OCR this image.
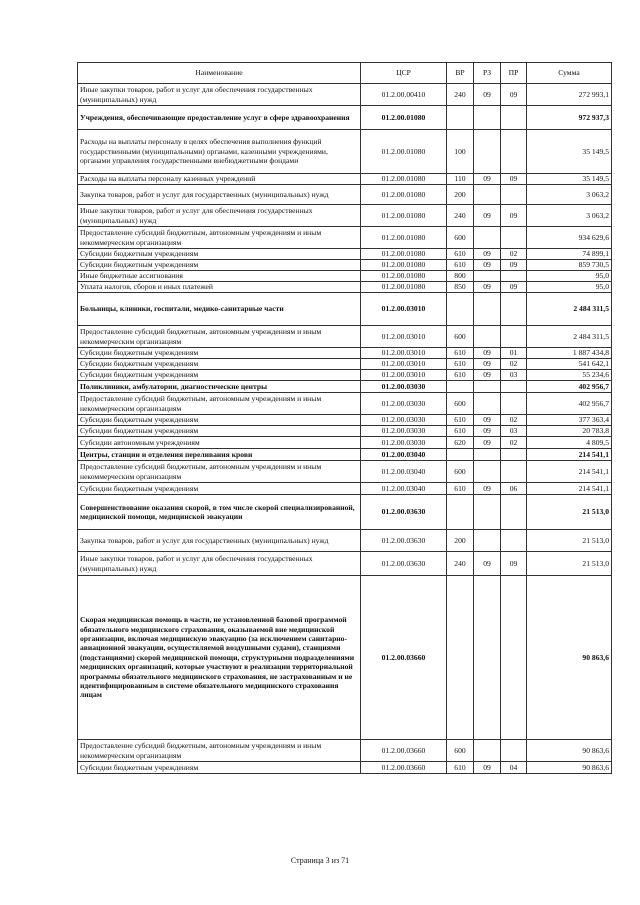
Наименование	ЦСР	ВР	РЗ	ПР	Сумма
Иные закупки товаров, работ и услуг для обеспечения государственных (муниципальных) нужд	01.2.00.00410	240	09	09	272 993,1
Учреждения, обеспечивающие предоставление услуг в сфере здравоохранения	01.2.00.01080				972 937,3
Расходы на выплаты персоналу в целях обеспечения выполнения функций государственными (муниципальными) органами, казенными учреждениями, органами управления государственными внебюджетными фондами	01.2.00.01080	100			35 149,5
Расходы на выплаты персоналу казенных учреждений	01.2.00.01080	110	09	09	35 149,5
Закупка товаров, работ и услуг для государственных (муниципальных) нужд	01.2.00.01080	200			3 063,2
Иные закупки товаров, работ и услуг для обеспечения государственных (муниципальных) нужд	01.2.00.01080	240	09	09	3 063,2
Предоставление субсидий бюджетным, автономным учреждениям и иным некоммерческим организациям	01.2.00.01080	600			934 629,6
Субсидии бюджетным учреждениям	01.2.00.01080	610	09	02	74 899,1
Субсидии бюджетным учреждениям	01.2.00.01080	610	09	09	859 730,5
Иные бюджетные ассигнования	01.2.00.01080	800			95,0
Уплата налогов, сборов и иных платежей	01.2.00.01080	850	09	09	95,0
Больницы, клиники, госпитали, медико-санитарные части	01.2.00.03010				2 484 311,5
Предоставление субсидий бюджетным, автономным учреждениям и иным некоммерческим организациям	01.2.00.03010	600			2 484 311,5
Субсидии бюджетным учреждениям	01.2.00.03010	610	09	01	1 887 434,8
Субсидии бюджетным учреждениям	01.2.00.03010	610	09	02	541 642,1
Субсидии бюджетным учреждениям	01.2.00.03010	610	09	03	55 234,6
Поликлиники, амбулатории, диагностические центры	01.2.00.03030				402 956,7
Предоставление субсидий бюджетным, автономным учреждениям и иным некоммерческим организациям	01.2.00.03030	600			402 956,7
Субсидии бюджетным учреждениям	01.2.00.03030	610	09	02	377 363,4
Субсидии бюджетным учреждениям	01.2.00.03030	610	09	03	20 783,8
Субсидии автономным учреждениям	01.2.00.03030	620	09	02	4 809,5
Центры, станции и отделения переливания крови	01.2.00.03040				214 541,1
Предоставление субсидий бюджетным, автономным учреждениям и иным некоммерческим организациям	01.2.00.03040	600			214 541,1
Субсидии бюджетным учреждениям	01.2.00.03040	610	09	06	214 541,1
Совершенствование оказания скорой, в том числе скорой специализированной, медицинской помощи, медицинской эвакуации	01.2.00.03630				21 513,0
Закупка товаров, работ и услуг для государственных (муниципальных) нужд	01.2.00.03630	200			21 513,0
Иные закупки товаров, работ и услуг для обеспечения государственных (муниципальных) нужд	01.2.00.03630	240	09	09	21 513,0
Скорая медицинская помощь в части, не установленной базовой программой обязательного медицинского страхования, оказываемой вне медицинской организации, включая медицинскую эвакуацию (за исключением санитарно-авиационной эвакуации, осуществляемой воздушными судами), станциями (подстанциями) скорой медицинской помощи, структурными подразделениями медицинских организаций, которые участвуют в реализации территориальной программы обязательного медицинского страхования, не застрахованным и не идентифицированным в системе обязательного медицинского страхования лицам	01.2.00.03660				90 863,6
Предоставление субсидий бюджетным, автономным учреждениям и иным некоммерческим организациям	01.2.00.03660	600			90 863,6
Субсидии бюджетным учреждениям	01.2.00.03660	610	09	04	90 863,6
Страница 3 из 71
